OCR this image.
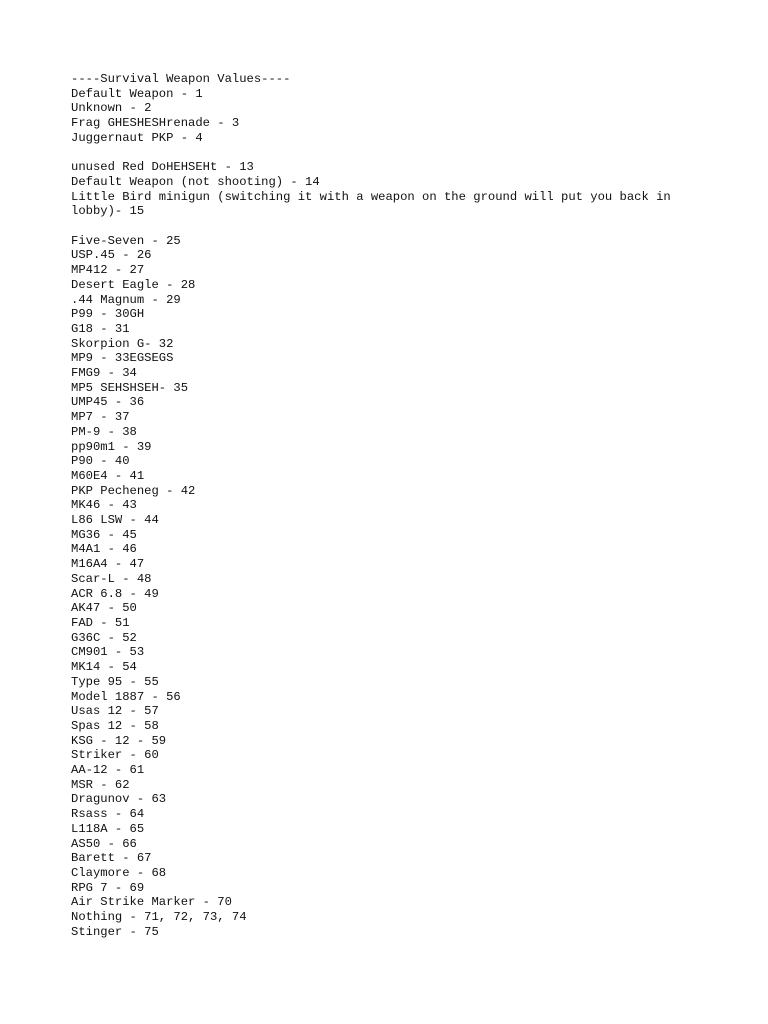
----Survival Weapon Values----
Default Weapon - 1
Unknown - 2
Frag GHESHESHrenade - 3
Juggernaut PKP - 4
unused Red DoHEHSEHt - 13
Default Weapon (not shooting) - 14
Little Bird minigun (switching it with a weapon on the ground will put you back in lobby)- 15
Five-Seven - 25
USP.45 - 26
MP412 - 27
Desert Eagle - 28
.44 Magnum - 29
P99 - 30GH
G18 - 31
Skorpion G- 32
MP9 - 33EGSEGS
FMG9 - 34
MP5 SEHSHSEH- 35
UMP45 - 36
MP7 - 37
PM-9 - 38
pp90m1 - 39
P90 - 40
M60E4 - 41
PKP Pecheneg - 42
MK46 - 43
L86 LSW - 44
MG36 - 45
M4A1 - 46
M16A4 - 47
Scar-L - 48
ACR 6.8 - 49
AK47 - 50
FAD - 51
G36C - 52
CM901 - 53
MK14 - 54
Type 95 - 55
Model 1887 - 56
Usas 12 - 57
Spas 12 - 58
KSG - 12 - 59
Striker - 60
AA-12 - 61
MSR - 62
Dragunov - 63
Rsass - 64
L118A - 65
AS50 - 66
Barett - 67
Claymore - 68
RPG 7 - 69
Air Strike Marker - 70
Nothing - 71, 72, 73, 74
Stinger - 75
